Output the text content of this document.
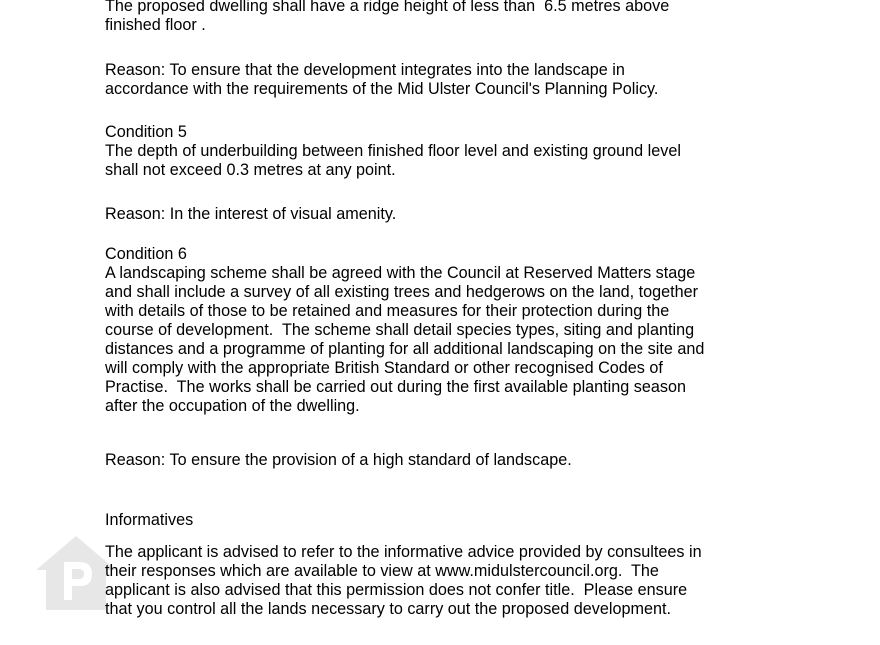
The proposed dwelling shall have a ridge height of less than  6.5 metres above
finished floor .

Reason: To ensure that the development integrates into the landscape in
accordance with the requirements of the Mid Ulster Council's Planning Policy.

Condition 5

The depth of underbuilding between finished floor level and existing ground level
shall not exceed 0.3 metres at any point.

Reason: In the interest of visual amenity.

Condition 6

A landscaping scheme shall be agreed with the Council at Reserved Matters stage
and shall include a survey of all existing trees and hedgerows on the land, together
with details of those to be retained and measures for their protection during the
course of development.  The scheme shall detail species types, siting and planting
distances and a programme of planting for all additional landscaping on the site and
will comply with the appropriate British Standard or other recognised Codes of
Practise.  The works shall be carried out during the first available planting season
after the occupation of the dwelling.

Reason: To ensure the provision of a high standard of landscape.

Informatives

The applicant is advised to refer to the informative advice provided by consultees in
their responses which are available to view at www.midulstercouncil.org.  The
applicant is also advised that this permission does not confer title.  Please ensure
that you control all the lands necessary to carry out the proposed development.
